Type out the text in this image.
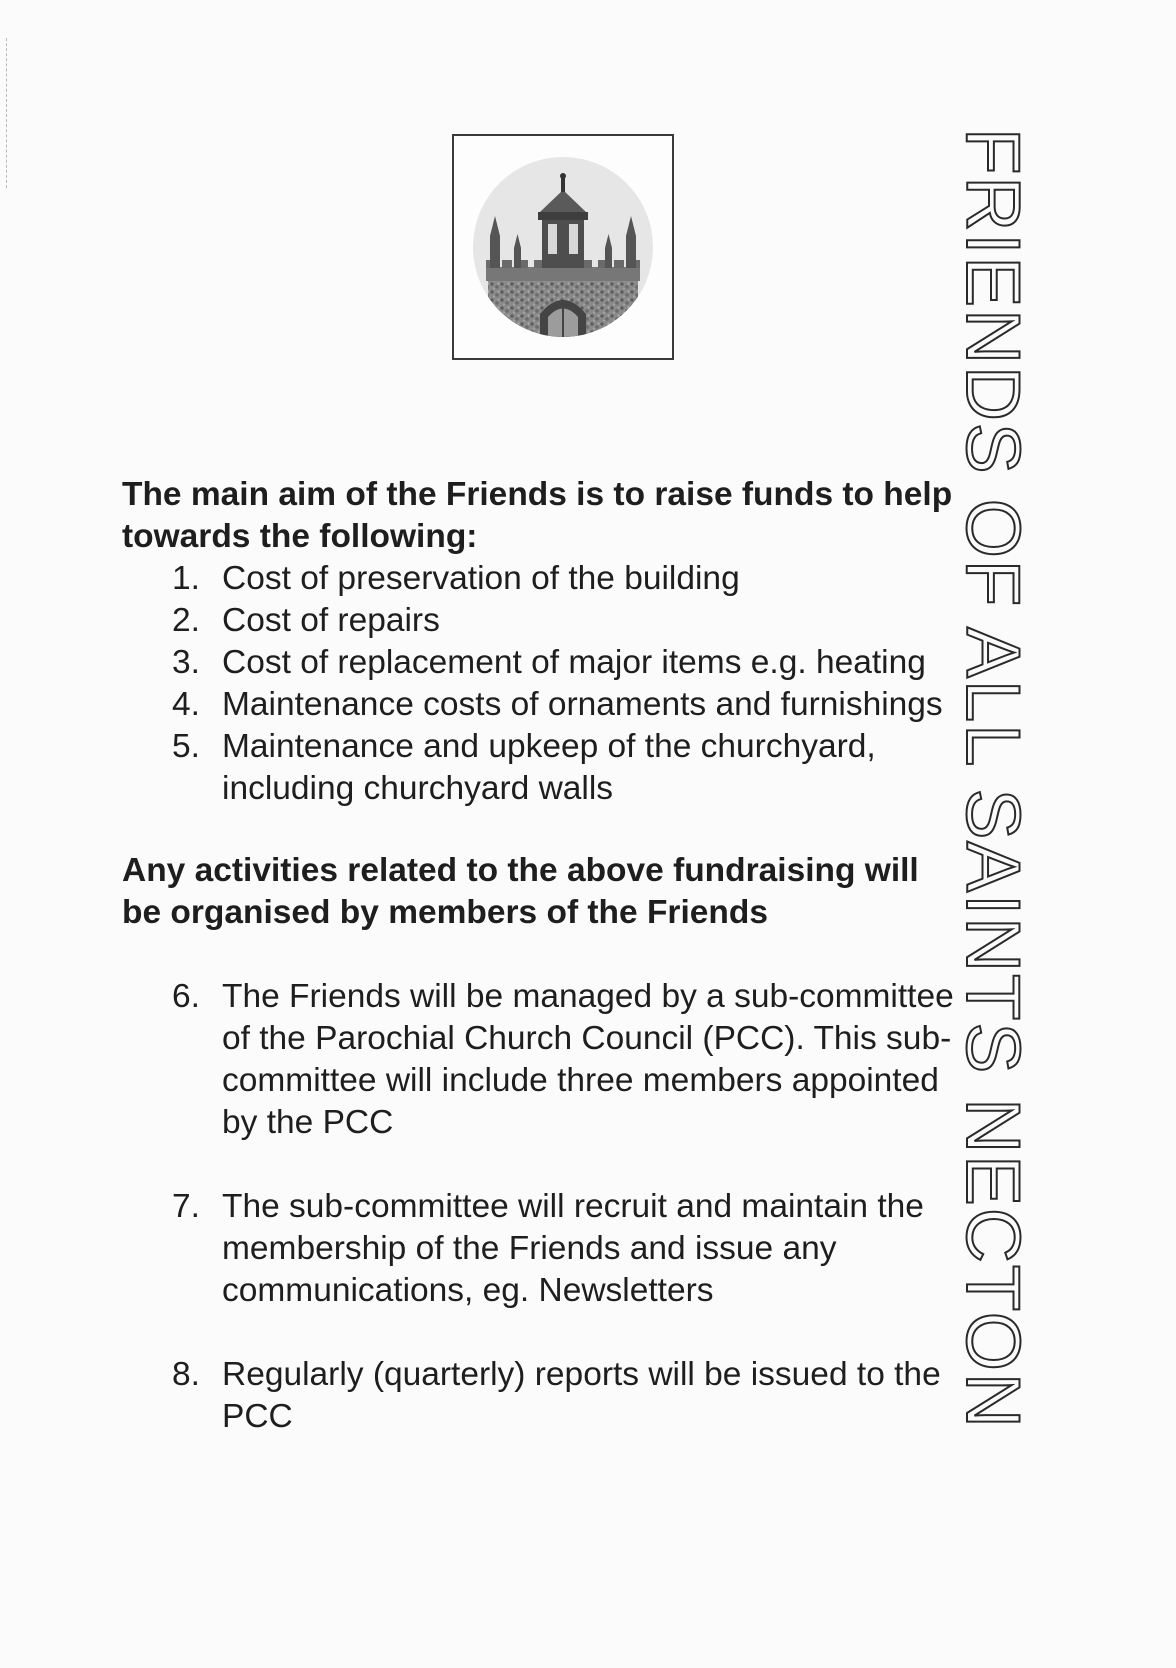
The main aim of the Friends is to raise funds to help towards the following:

1. Cost of preservation of the building
2. Cost of repairs
3. Cost of replacement of major items e.g. heating
4. Maintenance costs of ornaments and furnishings
5. Maintenance and upkeep of the churchyard, including churchyard walls

Any activities related to the above fundraising will be organised by members of the Friends

6. The Friends will be managed by a sub-committee of the Parochial Church Council (PCC). This sub-committee will include three members appointed by the PCC
7. The sub-committee will recruit and maintain the membership of the Friends and issue any communications, eg. Newsletters
8. Regularly (quarterly) reports will be issued to the PCC	FRIENDS OF ALL SAINTS NECTON
